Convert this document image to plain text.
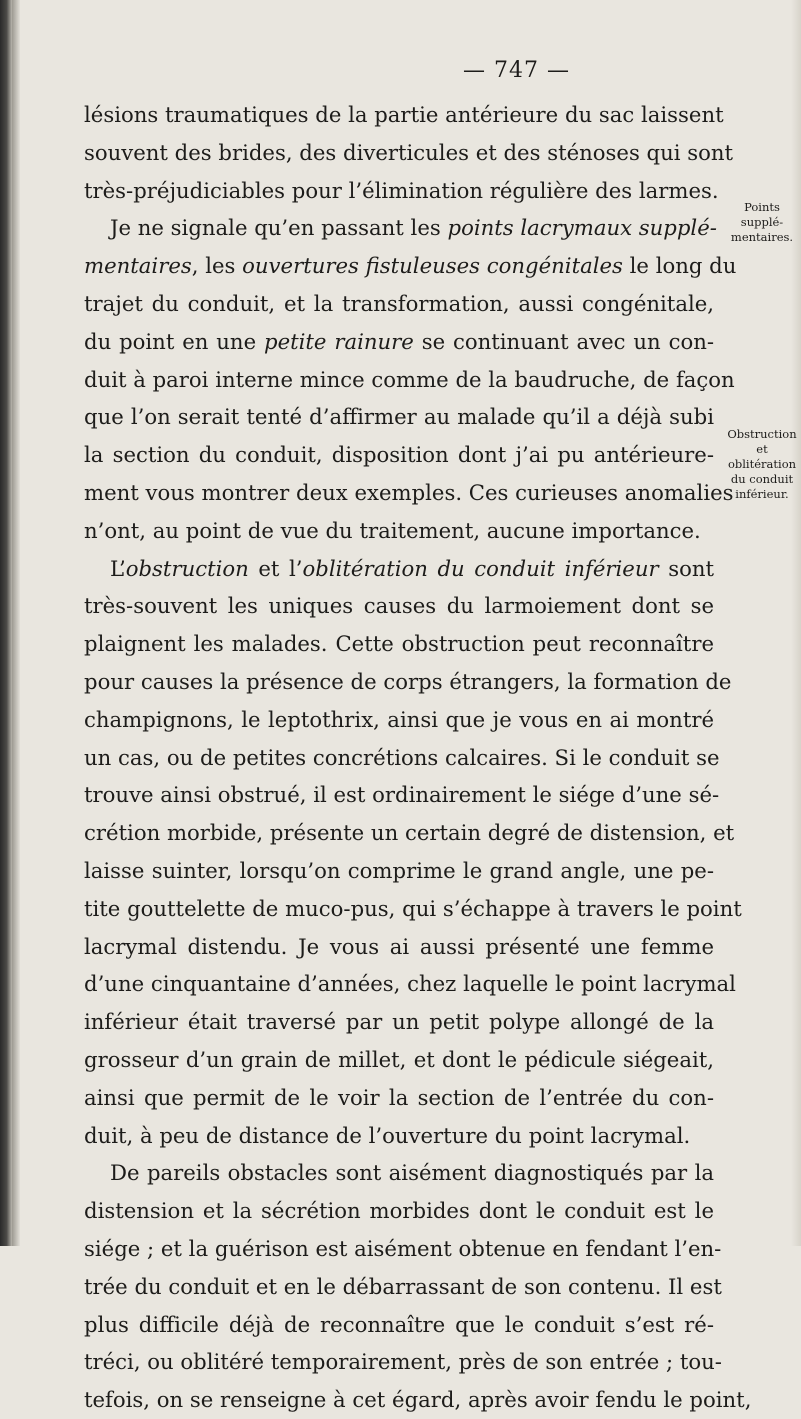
— 747 —
lésions traumatiques de la partie antérieure du sac laissent
souvent des brides, des diverticules et des sténoses qui sont
très-préjudiciables pour l’élimination régulière des larmes.
Je ne signale qu’en passant les points lacrymaux supplé-
mentaires, les ouvertures fistuleuses congénitales le long du
trajet du conduit, et la transformation, aussi congénitale,
du point en une petite rainure se continuant avec un con-
duit à paroi interne mince comme de la baudruche, de façon
que l’on serait tenté d’affirmer au malade qu’il a déjà subi
la section du conduit, disposition dont j’ai pu antérieure-
ment vous montrer deux exemples. Ces curieuses anomalies
n’ont, au point de vue du traitement, aucune importance.
L’obstruction et l’oblitération du conduit inférieur sont
très-souvent les uniques causes du larmoiement dont se
plaignent les malades. Cette obstruction peut reconnaître
pour causes la présence de corps étrangers, la formation de
champignons, le leptothrix, ainsi que je vous en ai montré
un cas, ou de petites concrétions calcaires. Si le conduit se
trouve ainsi obstrué, il est ordinairement le siége d’une sé-
crétion morbide, présente un certain degré de distension, et
laisse suinter, lorsqu’on comprime le grand angle, une pe-
tite gouttelette de muco-pus, qui s’échappe à travers le point
lacrymal distendu. Je vous ai aussi présenté une femme
d’une cinquantaine d’années, chez laquelle le point lacrymal
inférieur était traversé par un petit polype allongé de la
grosseur d’un grain de millet, et dont le pédicule siégeait,
ainsi que permit de le voir la section de l’entrée du con-
duit, à peu de distance de l’ouverture du point lacrymal.
De pareils obstacles sont aisément diagnostiqués par la
distension et la sécrétion morbides dont le conduit est le
siége ; et la guérison est aisément obtenue en fendant l’en-
trée du conduit et en le débarrassant de son contenu. Il est
plus difficile déjà de reconnaître que le conduit s’est ré-
tréci, ou oblitéré temporairement, près de son entrée ; tou-
tefois, on se renseigne à cet égard, après avoir fendu le point,
Points supplé-
mentaires.
Obstruction
et oblitération
du conduit
inférieur.
